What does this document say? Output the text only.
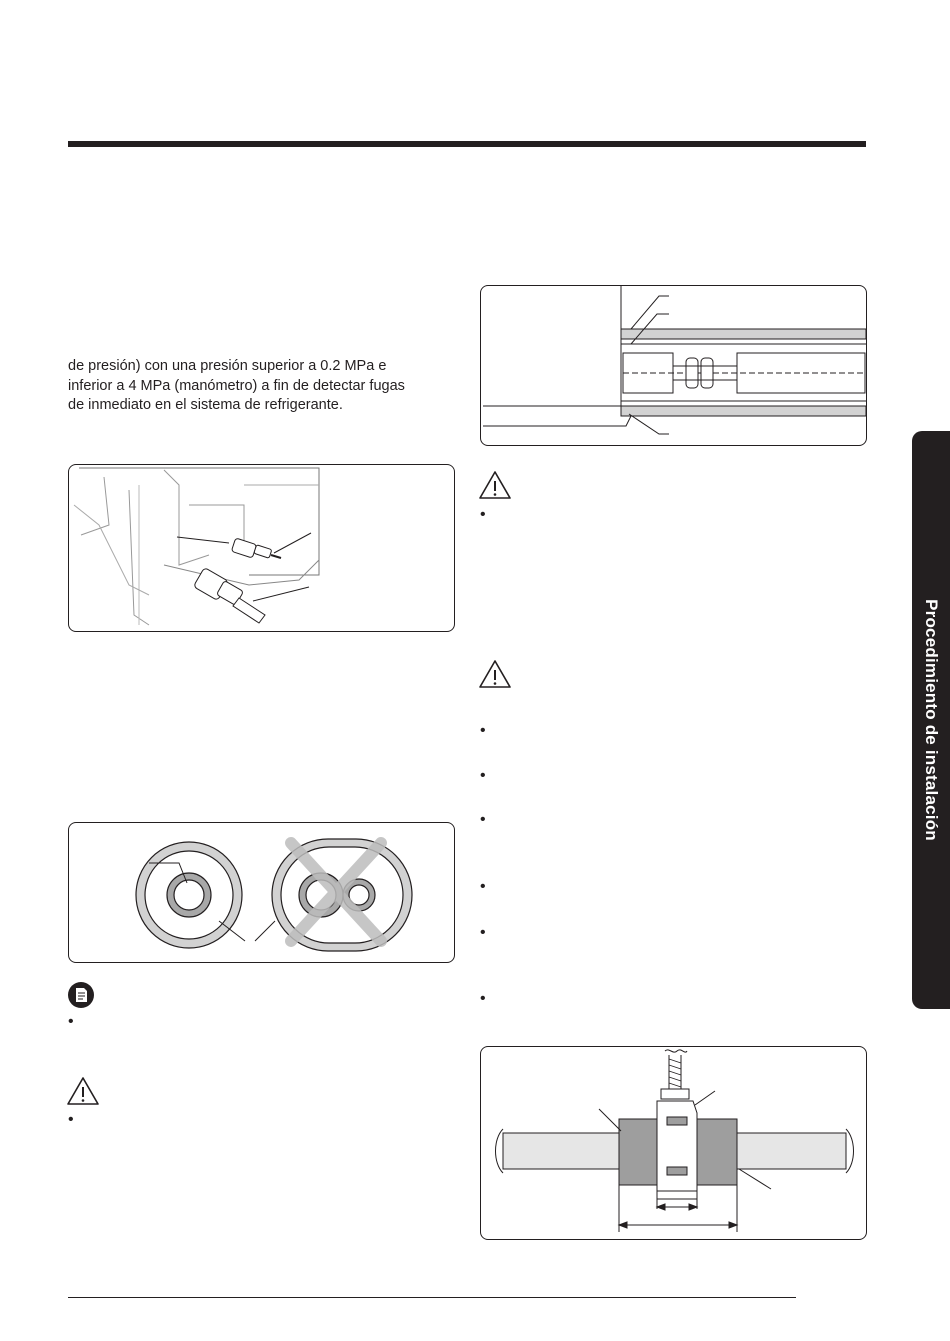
de presión) con una presión superior a 0.2 MPa e

inferior a 4 MPa (manómetro) a fin de detectar fugas

de inmediato en el sistema de refrigerante.

•
•
•
•
•
•
•
•
•
Procedimiento de instalación
